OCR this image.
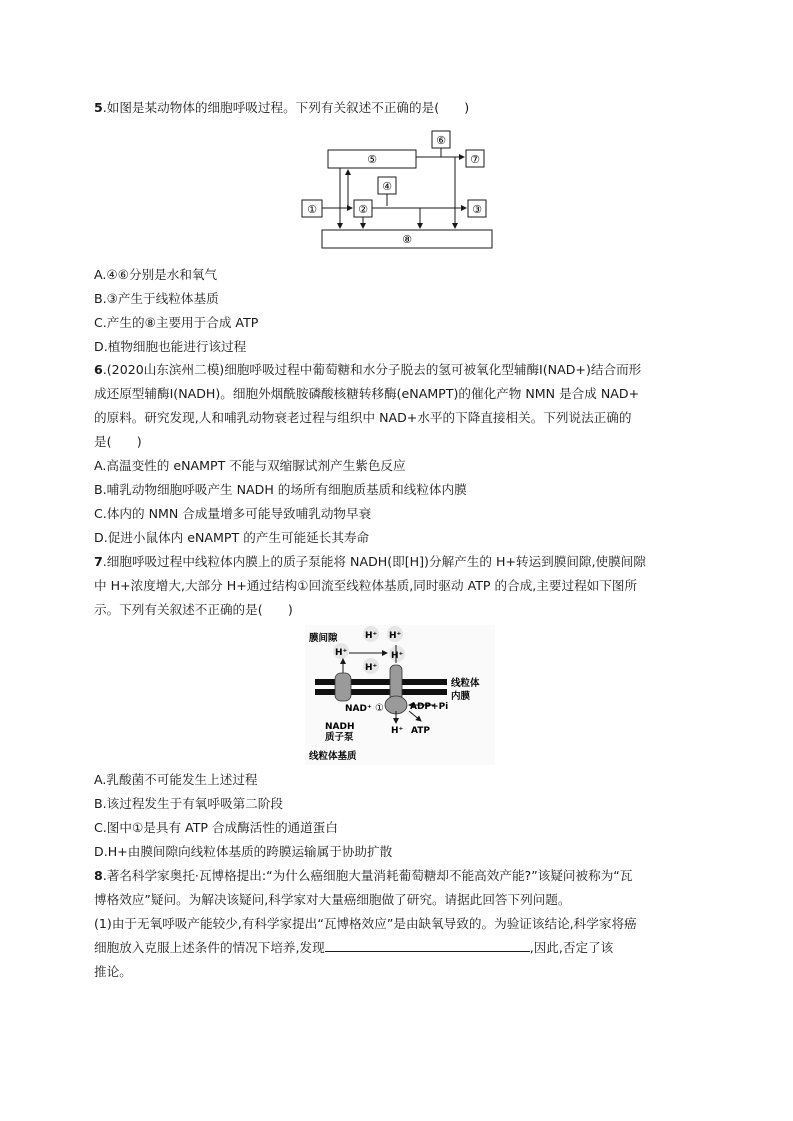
5.如图是某动物体的细胞呼吸过程。下列有关叙述不正确的是(　　)
⑥
⑤	⑦
④
①	②	③
⑧
A.④⑥分别是水和氧气
B.③产生于线粒体基质
C.产生的⑧主要用于合成 ATP
D.植物细胞也能进行该过程
6.(2020山东滨州二模)细胞呼吸过程中葡萄糖和水分子脱去的氢可被氧化型辅酶Ⅰ(NAD+)结合而形
成还原型辅酶Ⅰ(NADH)。细胞外烟酰胺磷酸核糖转移酶(eNAMPT)的催化产物 NMN 是合成 NAD+
的原料。研究发现,人和哺乳动物衰老过程与组织中 NAD+水平的下降直接相关。下列说法正确的
是(　　)
A.高温变性的 eNAMPT 不能与双缩脲试剂产生紫色反应
B.哺乳动物细胞呼吸产生 NADH 的场所有细胞质基质和线粒体内膜
C.体内的 NMN 合成量增多可能导致哺乳动物早衰
D.促进小鼠体内 eNAMPT 的产生可能延长其寿命
7.细胞呼吸过程中线粒体内膜上的质子泵能将 NADH(即[H])分解产生的 H+转运到膜间隙,使膜间隙
中 H+浓度增大,大部分 H+通过结构①回流至线粒体基质,同时驱动 ATP 的合成,主要过程如下图所
示。下列有关叙述不正确的是(　　)
膜间隙	H⁺ H⁺
H⁺	H⁺
H⁺
线粒体
内膜
NAD⁺ ①	ADP+Pi
NADH
质子泵
H⁺ ATP
线粒体基质
A.乳酸菌不可能发生上述过程
B.该过程发生于有氧呼吸第二阶段
C.图中①是具有 ATP 合成酶活性的通道蛋白
D.H+由膜间隙向线粒体基质的跨膜运输属于协助扩散
8.著名科学家奥托·瓦博格提出:“为什么癌细胞大量消耗葡萄糖却不能高效产能?”该疑问被称为“瓦
博格效应”疑问。为解决该疑问,科学家对大量癌细胞做了研究。请据此回答下列问题。
(1)由于无氧呼吸产能较少,有科学家提出“瓦博格效应”是由缺氧导致的。为验证该结论,科学家将癌
细胞放入克服上述条件的情况下培养,发现	,因此,否定了该
推论。
